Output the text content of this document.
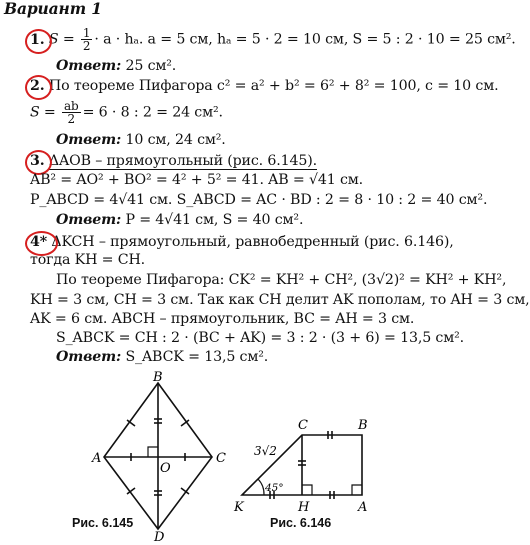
Вариант 1
1. $S = \frac{1}{2} \cdot a \cdot h_a$. a = 5 см, hₐ = 5 · 2 = 10 см, S = 5 : 2 · 10 = 25 см².
Ответ: 25 см².
2. По теореме Пифагора c² = a² + b² = 6² + 8² = 100, c = 10 см.
$S = \frac{ab}{2} = 6 \cdot 8$ : 2 = 24 см².
Ответ: 10 см, 24 см².
3. ΔAOB – прямоугольный (рис. 6.145).
AB² = AO² + BO² = 4² + 5² = 41. AB = √41 см.
P_ABCD = 4√41 см. S_ABCD = AC · BD : 2 = 8 · 10 : 2 = 40 см².
Ответ: P = 4√41 см, S = 40 см².
4* ΔKCH – прямоугольный, равнобедренный (рис. 6.146),
тогда KH = CH.
По теореме Пифагора: CK² = KH² + CH², (3√2)² = KH² + KH²,
KH = 3 см, CH = 3 см. Так как CH делит AK пополам, то AH = 3 см,
AK = 6 см. ABCH – прямоугольник, BC = AH = 3 см.
S_ABCK = CH : 2 · (BC + AK) = 3 : 2 · (3 + 6) = 13,5 см².
Ответ: S_ABCK = 13,5 см².
B
A	C
D
O
Рис. 6.145
3√2
45°
C	B
K	H	A
Рис. 6.146
